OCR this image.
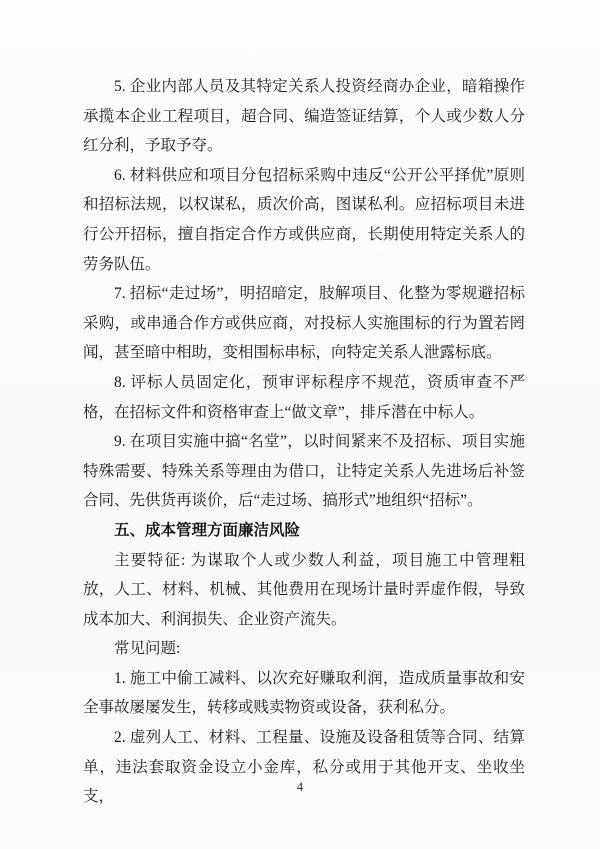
5. 企业内部人员及其特定关系人投资经商办企业，暗箱操作承揽本企业工程项目，超合同、编造签证结算，个人或少数人分红分利，予取予夺。

6. 材料供应和项目分包招标采购中违反“公开公平择优”原则和招标法规，以权谋私，质次价高，图谋私利。应招标项目未进行公开招标，擅自指定合作方或供应商，长期使用特定关系人的劳务队伍。

7. 招标“走过场”，明招暗定，肢解项目、化整为零规避招标采购，或串通合作方或供应商，对投标人实施围标的行为置若罔闻，甚至暗中相助，变相围标串标，向特定关系人泄露标底。

8. 评标人员固定化，预审评标程序不规范，资质审查不严格，在招标文件和资格审查上“做文章”，排斥潜在中标人。

9. 在项目实施中搞“名堂”，以时间紧来不及招标、项目实施特殊需要、特殊关系等理由为借口，让特定关系人先进场后补签合同、先供货再谈价，后“走过场、搞形式”地组织“招标”。

五、成本管理方面廉洁风险

主要特征: 为谋取个人或少数人利益，项目施工中管理粗放，人工、材料、机械、其他费用在现场计量时弄虚作假，导致成本加大、利润损失、企业资产流失。

常见问题:

1. 施工中偷工减料、以次充好赚取利润，造成质量事故和安全事故屡屡发生，转移或贱卖物资或设备，获利私分。

2. 虚列人工、材料、工程量、设施及设备租赁等合同、结算单，违法套取资金设立小金库，私分或用于其他开支、坐收坐支，

4
